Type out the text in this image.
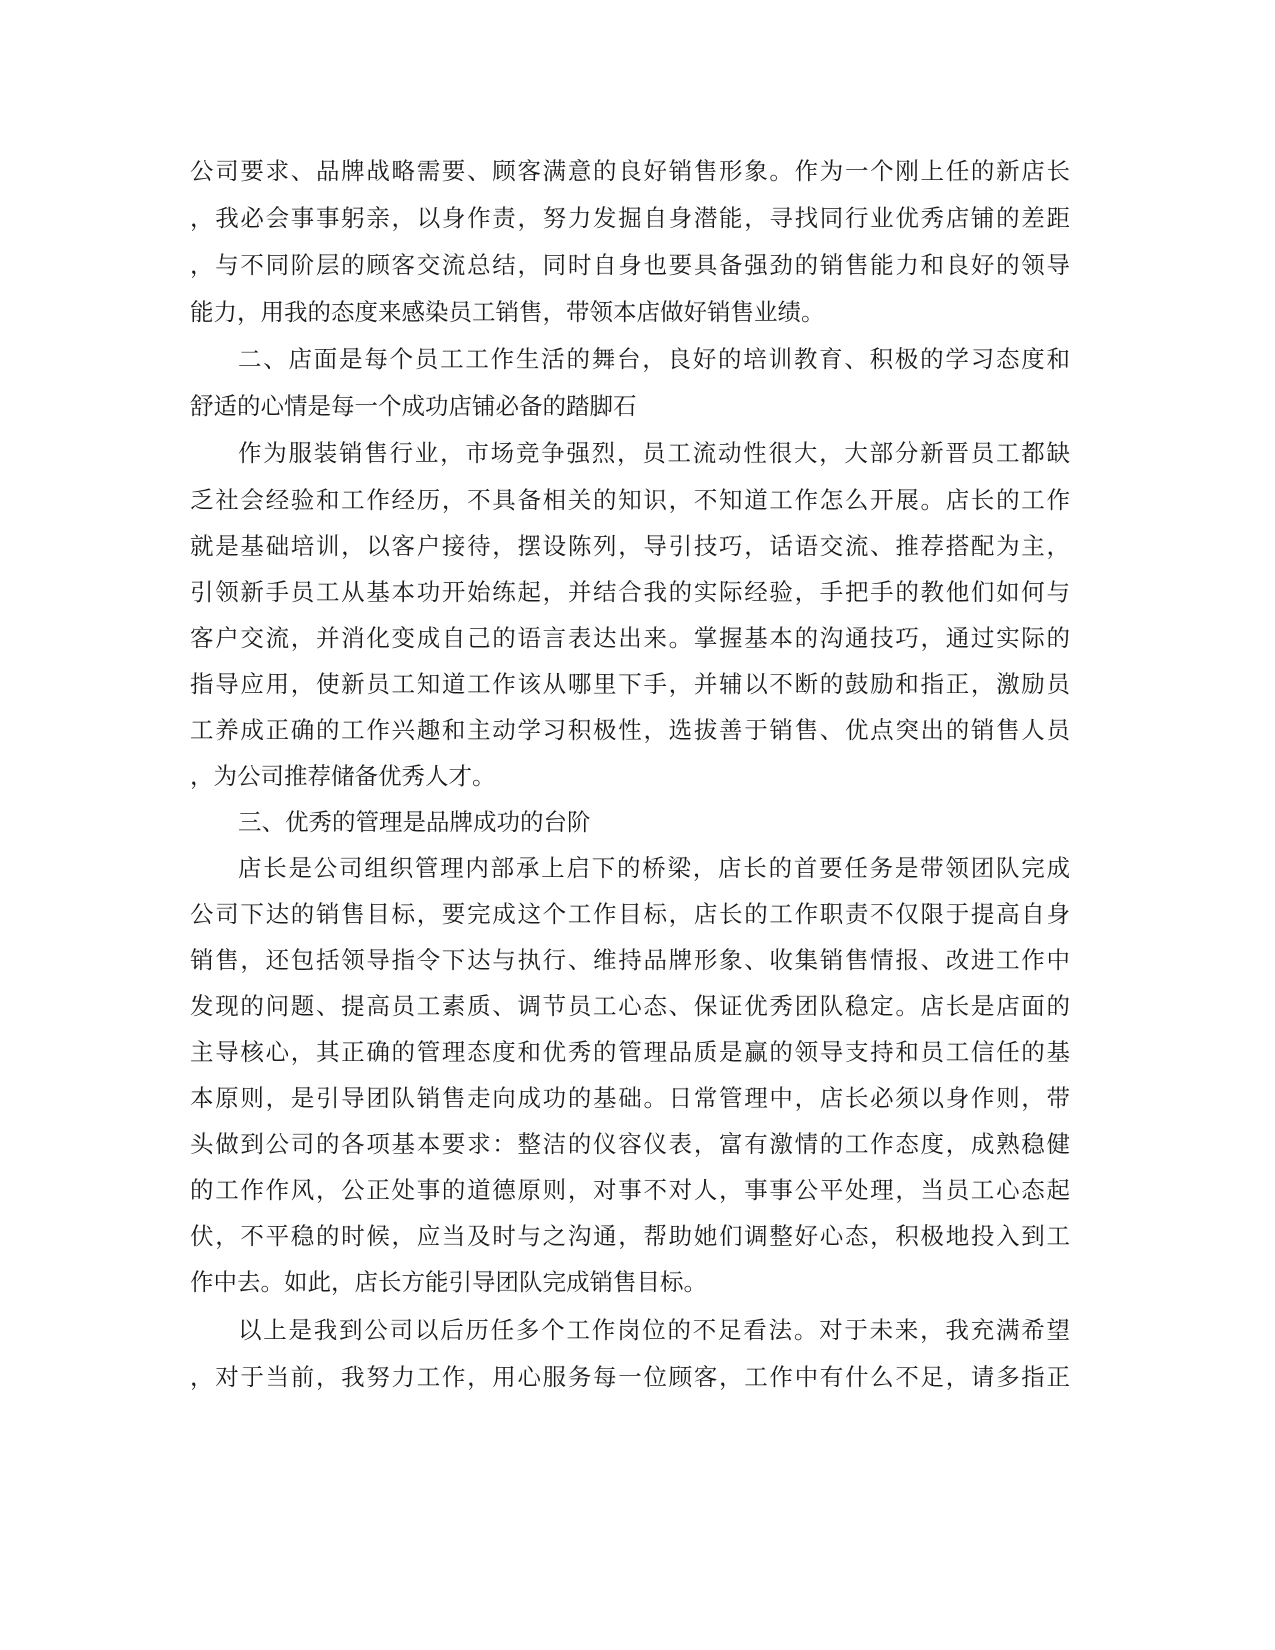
公司要求、品牌战略需要、顾客满意的良好销售形象。作为一个刚上任的新店长
，我必会事事躬亲，以身作责，努力发掘自身潜能，寻找同行业优秀店铺的差距
，与不同阶层的顾客交流总结，同时自身也要具备强劲的销售能力和良好的领导
能力，用我的态度来感染员工销售，带领本店做好销售业绩。
二、店面是每个员工工作生活的舞台，良好的培训教育、积极的学习态度和
舒适的心情是每一个成功店铺必备的踏脚石
作为服装销售行业，市场竞争强烈，员工流动性很大，大部分新晋员工都缺
乏社会经验和工作经历，不具备相关的知识，不知道工作怎么开展。店长的工作
就是基础培训，以客户接待，摆设陈列，导引技巧，话语交流、推荐搭配为主，
引领新手员工从基本功开始练起，并结合我的实际经验，手把手的教他们如何与
客户交流，并消化变成自己的语言表达出来。掌握基本的沟通技巧，通过实际的
指导应用，使新员工知道工作该从哪里下手，并辅以不断的鼓励和指正，激励员
工养成正确的工作兴趣和主动学习积极性，选拔善于销售、优点突出的销售人员
，为公司推荐储备优秀人才。
三、优秀的管理是品牌成功的台阶
店长是公司组织管理内部承上启下的桥梁，店长的首要任务是带领团队完成
公司下达的销售目标，要完成这个工作目标，店长的工作职责不仅限于提高自身
销售，还包括领导指令下达与执行、维持品牌形象、收集销售情报、改进工作中
发现的问题、提高员工素质、调节员工心态、保证优秀团队稳定。店长是店面的
主导核心，其正确的管理态度和优秀的管理品质是赢的领导支持和员工信任的基
本原则，是引导团队销售走向成功的基础。日常管理中，店长必须以身作则，带
头做到公司的各项基本要求：整洁的仪容仪表，富有激情的工作态度，成熟稳健
的工作作风，公正处事的道德原则，对事不对人，事事公平处理，当员工心态起
伏，不平稳的时候，应当及时与之沟通，帮助她们调整好心态，积极地投入到工
作中去。如此，店长方能引导团队完成销售目标。
以上是我到公司以后历任多个工作岗位的不足看法。对于未来，我充满希望
，对于当前，我努力工作，用心服务每一位顾客，工作中有什么不足，请多指正
